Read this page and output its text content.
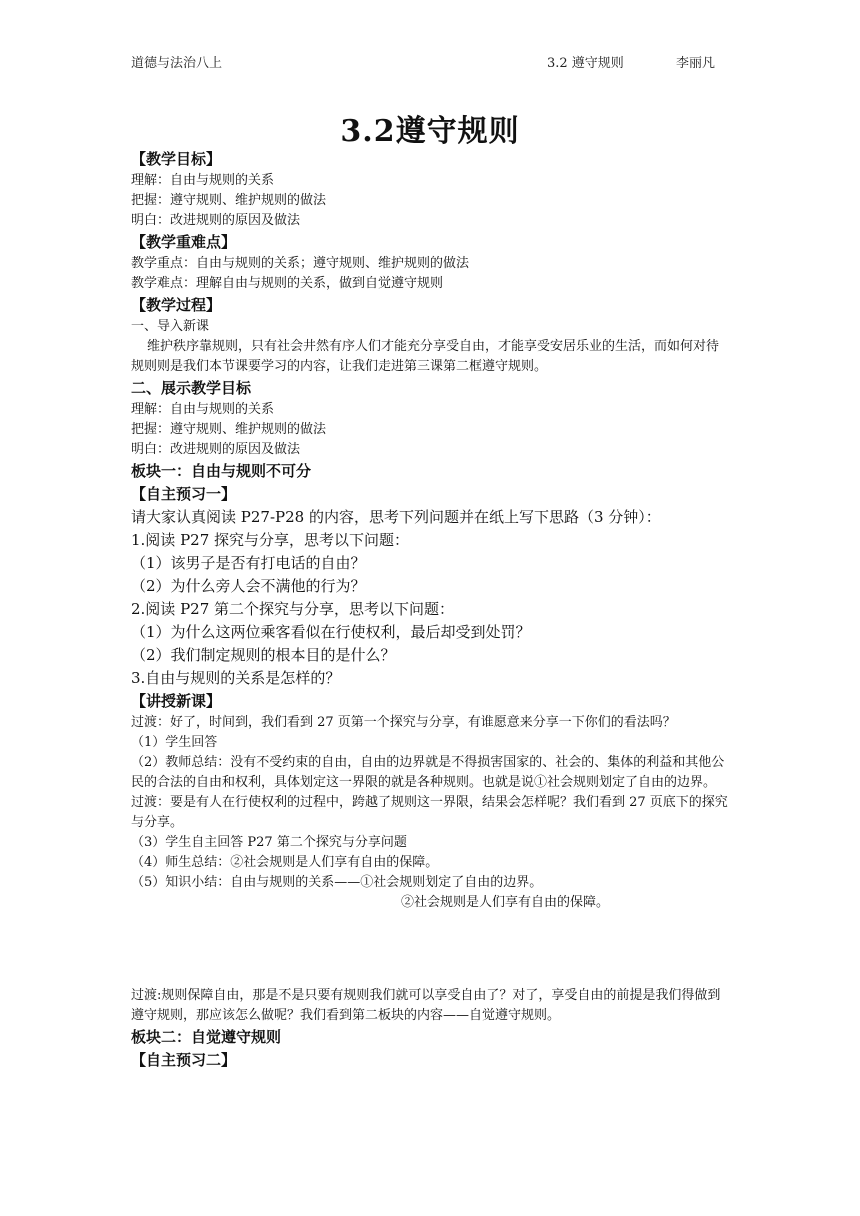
道德与法治八上	3.2 遵守规则	李丽凡
3.2遵守规则
【教学目标】
理解：自由与规则的关系
把握：遵守规则、维护规则的做法
明白：改进规则的原因及做法
【教学重难点】
教学重点：自由与规则的关系；遵守规则、维护规则的做法
教学难点：理解自由与规则的关系，做到自觉遵守规则
【教学过程】
一、导入新课
维护秩序靠规则，只有社会井然有序人们才能充分享受自由，才能享受安居乐业的生活，而如何对待规则则是我们本节课要学习的内容，让我们走进第三课第二框遵守规则。
二、展示教学目标
理解：自由与规则的关系
把握：遵守规则、维护规则的做法
明白：改进规则的原因及做法
板块一：自由与规则不可分
【自主预习一】
请大家认真阅读 P27-P28 的内容，思考下列问题并在纸上写下思路（3 分钟）：
1.阅读 P27 探究与分享，思考以下问题：
（1）该男子是否有打电话的自由？
（2）为什么旁人会不满他的行为？
2.阅读 P27 第二个探究与分享，思考以下问题：
（1）为什么这两位乘客看似在行使权利，最后却受到处罚？
（2）我们制定规则的根本目的是什么？
3.自由与规则的关系是怎样的？
【讲授新课】
过渡：好了，时间到，我们看到 27 页第一个探究与分享，有谁愿意来分享一下你们的看法吗？
（1）学生回答
（2）教师总结：没有不受约束的自由，自由的边界就是不得损害国家的、社会的、集体的利益和其他公民的合法的自由和权利，具体划定这一界限的就是各种规则。也就是说①社会规则划定了自由的边界。
过渡：要是有人在行使权利的过程中，跨越了规则这一界限，结果会怎样呢？我们看到 27 页底下的探究与分享。
（3）学生自主回答 P27 第二个探究与分享问题
（4）师生总结：②社会规则是人们享有自由的保障。
（5）知识小结：自由与规则的关系——①社会规则划定了自由的边界。
②社会规则是人们享有自由的保障。
过渡:规则保障自由，那是不是只要有规则我们就可以享受自由了？对了，享受自由的前提是我们得做到遵守规则，那应该怎么做呢？我们看到第二板块的内容——自觉遵守规则。
板块二：自觉遵守规则
【自主预习二】
